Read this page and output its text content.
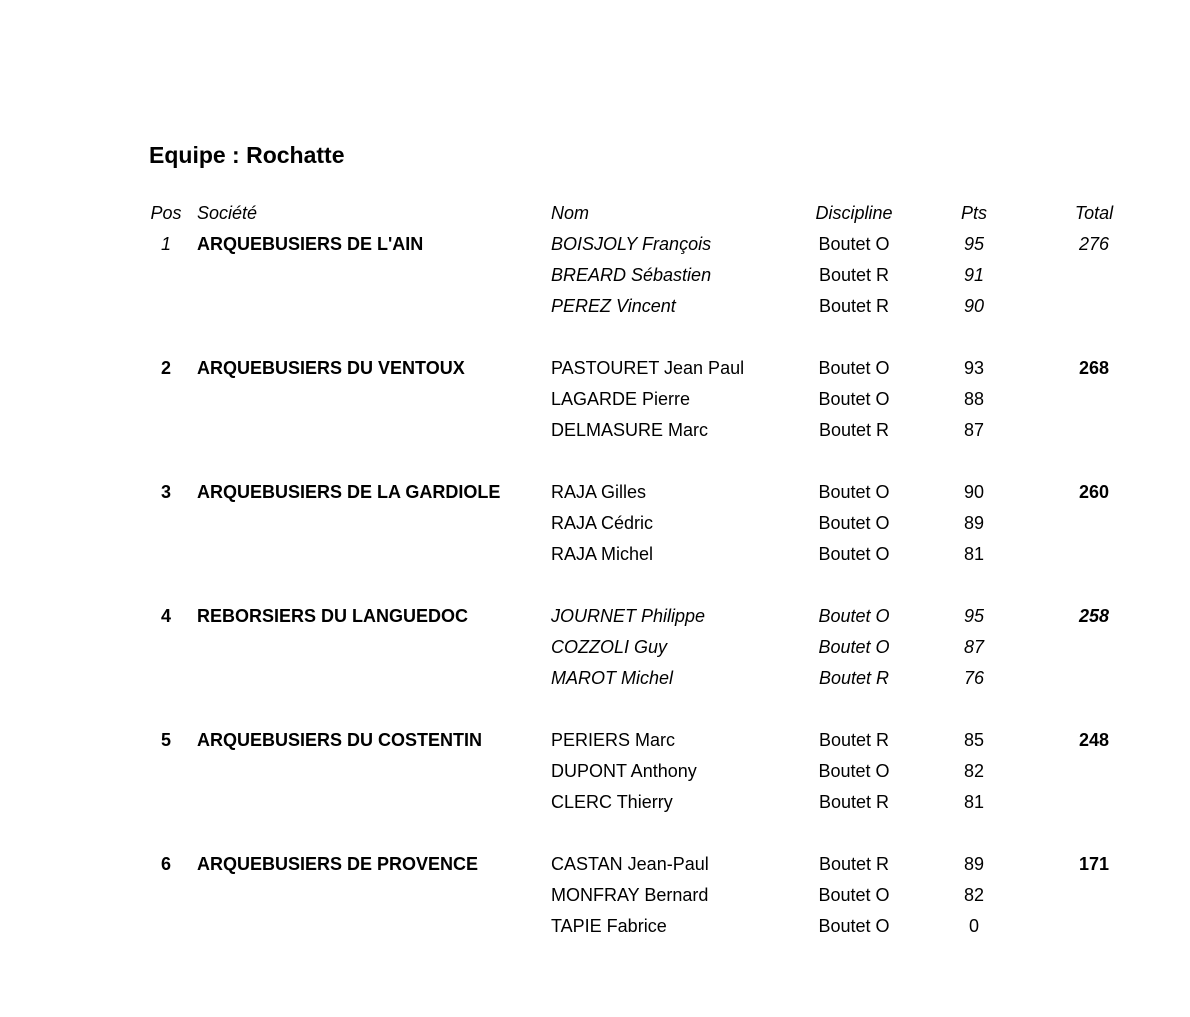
Equipe : Rochatte
Pos Société	Nom	Discipline	Pts	Total
1	ARQUEBUSIERS DE L'AIN	BOISJOLY François	Boutet O	95	276
BREARD Sébastien	Boutet R	91
PEREZ Vincent	Boutet R	90
2	ARQUEBUSIERS DU VENTOUX	PASTOURET Jean Paul	Boutet O	93	268
LAGARDE Pierre	Boutet O	88
DELMASURE Marc	Boutet R	87
3	ARQUEBUSIERS DE LA GARDIOLE	RAJA Gilles	Boutet O	90	260
RAJA Cédric	Boutet O	89
RAJA Michel	Boutet O	81
4	REBORSIERS DU LANGUEDOC	JOURNET Philippe	Boutet O	95	258
COZZOLI Guy	Boutet O	87
MAROT Michel	Boutet R	76
5	ARQUEBUSIERS DU COSTENTIN	PERIERS Marc	Boutet R	85	248
DUPONT Anthony	Boutet O	82
CLERC Thierry	Boutet R	81
6	ARQUEBUSIERS DE PROVENCE	CASTAN Jean-Paul	Boutet R	89	171
MONFRAY Bernard	Boutet O	82
TAPIE Fabrice	Boutet O	0
